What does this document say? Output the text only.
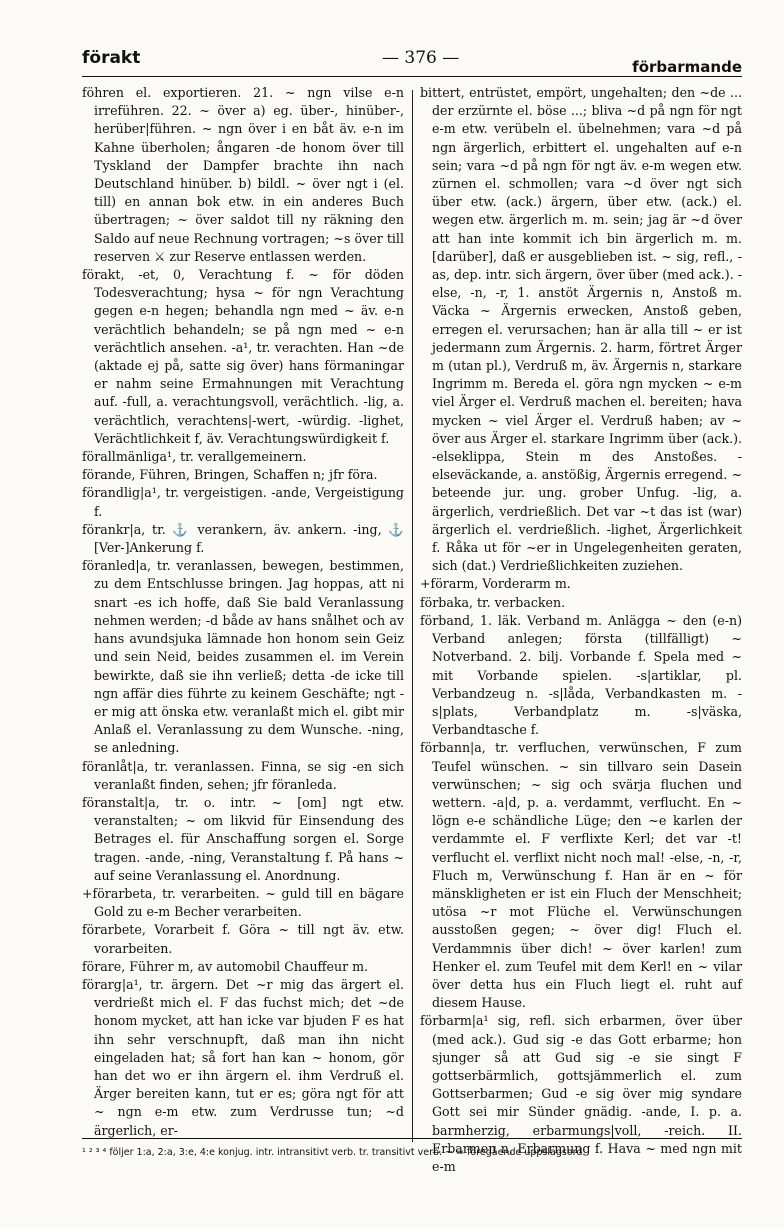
förakt	— 376 —	förbarmande

föhren el. exportieren. 21. ~ ngn vilse e-n irreführen. 22. ~ över a) eg. über-, hinüber-, herüber|führen. ~ ngn över i en båt äv. e-n im Kahne überholen; ångaren -de honom över till Tyskland der Dampfer brachte ihn nach Deutschland hinüber. b) bildl. ~ över ngt i (el. till) en annan bok etw. in ein anderes Buch übertragen; ~ över saldot till ny räkning den Saldo auf neue Rechnung vortragen; ~s över till reserven ⚔ zur Reserve entlassen werden.

förakt, -et, 0, Verachtung f. ~ för döden Todesverachtung; hysa ~ för ngn Verachtung gegen e-n hegen; behandla ngn med ~ äv. e-n verächtlich behandeln; se på ngn med ~ e-n verächtlich ansehen. -a¹, tr. verachten. Han ~de (aktade ej på, satte sig över) hans förmaningar er nahm seine Ermahnungen mit Verachtung auf. -full, a. verachtungsvoll, verächtlich. -lig, a. verächtlich, verachtens|-wert, -würdig. -lighet, Verächtlichkeit f, äv. Verachtungswürdigkeit f.

förallmänliga¹, tr. verallgemeinern.

förande, Führen, Bringen, Schaffen n; jfr föra.

förandlig|a¹, tr. vergeistigen. -ande, Vergeistigung f.

förankr|a, tr. ⚓ verankern, äv. ankern. -ing, ⚓ [Ver-]Ankerung f.

föranled|a, tr. veranlassen, bewegen, bestimmen, zu dem Entschlusse bringen. Jag hoppas, att ni snart -es ich hoffe, daß Sie bald Veranlassung nehmen werden; -d både av hans snålhet och av hans avundsjuka lämnade hon honom sein Geiz und sein Neid, beides zusammen el. im Verein bewirkte, daß sie ihn verließ; detta -de icke till ngn affär dies führte zu keinem Geschäfte; ngt -er mig att önska etw. veranlaßt mich el. gibt mir Anlaß el. Veranlassung zu dem Wunsche. -ning, se anledning.

föranlåt|a, tr. veranlassen. Finna, se sig -en sich veranlaßt finden, sehen; jfr föranleda.

föranstalt|a, tr. o. intr. ~ [om] ngt etw. veranstalten; ~ om likvid für Einsendung des Betrages el. für Anschaffung sorgen el. Sorge tragen. -ande, -ning, Veranstaltung f. På hans ~ auf seine Veranlassung el. Anordnung.

+förarbeta, tr. verarbeiten. ~ guld till en bägare Gold zu e-m Becher verarbeiten.

förarbete, Vorarbeit f. Göra ~ till ngt äv. etw. vorarbeiten.

förare, Führer m, av automobil Chauffeur m.

förarg|a¹, tr. ärgern. Det ~r mig das ärgert el. verdrießt mich el. F das fuchst mich; det ~de honom mycket, att han icke var bjuden F es hat ihn sehr verschnupft, daß man ihn nicht eingeladen hat; så fort han kan ~ honom, gör han det wo er ihn ärgern el. ihm Verdruß el. Ärger bereiten kann, tut er es; göra ngt för att ~ ngn e-m etw. zum Verdrusse tun; ~d ärgerlich, er-

bittert, entrüstet, empört, ungehalten; den ~de ... der erzürnte el. böse ...; bliva ~d på ngn för ngt e-m etw. verübeln el. übelnehmen; vara ~d på ngn ärgerlich, erbittert el. ungehalten auf e-n sein; vara ~d på ngn för ngt äv. e-m wegen etw. zürnen el. schmollen; vara ~d över ngt sich über etw. (ack.) ärgern, über etw. (ack.) el. wegen etw. ärgerlich m. m. sein; jag är ~d över att han inte kommit ich bin ärgerlich m. m. [darüber], daß er ausgeblieben ist. ~ sig, refl., -as, dep. intr. sich ärgern, över über (med ack.). -else, -n, -r, 1. anstöt Ärgernis n, Anstoß m. Väcka ~ Ärgernis erwecken, Anstoß geben, erregen el. verursachen; han är alla till ~ er ist jedermann zum Ärgernis. 2. harm, förtret Ärger m (utan pl.), Verdruß m, äv. Ärgernis n, starkare Ingrimm m. Bereda el. göra ngn mycken ~ e-m viel Ärger el. Verdruß machen el. bereiten; hava mycken ~ viel Ärger el. Verdruß haben; av ~ över aus Ärger el. starkare Ingrimm über (ack.). -elseklippa, Stein m des Anstoßes. -elseväckande, a. anstößig, Ärgernis erregend. ~ beteende jur. ung. grober Unfug. -lig, a. ärgerlich, verdrießlich. Det var ~t das ist (war) ärgerlich el. verdrießlich. -lighet, Ärgerlichkeit f. Råka ut för ~er in Ungelegenheiten geraten, sich (dat.) Verdrießlichkeiten zuziehen.

+förarm, Vorderarm m.

förbaka, tr. verbacken.

förband, 1. läk. Verband m. Anlägga ~ den (e-n) Verband anlegen; första (tillfälligt) ~ Notverband. 2. bilj. Vorbande f. Spela med ~ mit Vorbande spielen. -s|artiklar, pl. Verbandzeug n. -s|låda, Verbandkasten m. -s|plats, Verbandplatz m. -s|väska, Verbandtasche f.

förbann|a, tr. verfluchen, verwünschen, F zum Teufel wünschen. ~ sin tillvaro sein Dasein verwünschen; ~ sig och svärja fluchen und wettern. -a|d, p. a. verdammt, verflucht. En ~ lögn e-e schändliche Lüge; den ~e karlen der verdammte el. F verflixte Kerl; det var -t! verflucht el. verflixt nicht noch mal! -else, -n, -r, Fluch m, Verwünschung f. Han är en ~ för mänskligheten er ist ein Fluch der Menschheit; utösa ~r mot Flüche el. Verwünschungen ausstoßen gegen; ~ över dig! Fluch el. Verdammnis über dich! ~ över karlen! zum Henker el. zum Teufel mit dem Kerl! en ~ vilar över detta hus ein Fluch liegt el. ruht auf diesem Hause.

förbarm|a¹ sig, refl. sich erbarmen, över über (med ack.). Gud sig -e das Gott erbarme; hon sjunger så att Gud sig -e sie singt F gottserbärmlich, gottsjämmerlich el. zum Gottserbarmen; Gud -e sig över mig syndare Gott sei mir Sünder gnädig. -ande, I. p. a. barmherzig, erbarmungs|voll, -reich. II. Erbarmen n, Erbarmung f. Hava ~ med ngn mit e-m

¹ ² ³ ⁴ följer 1:a, 2:a, 3:e, 4:e konjug. intr. intransitivt verb. tr. transitivt verb. ~ = föregående uppslagsord.
